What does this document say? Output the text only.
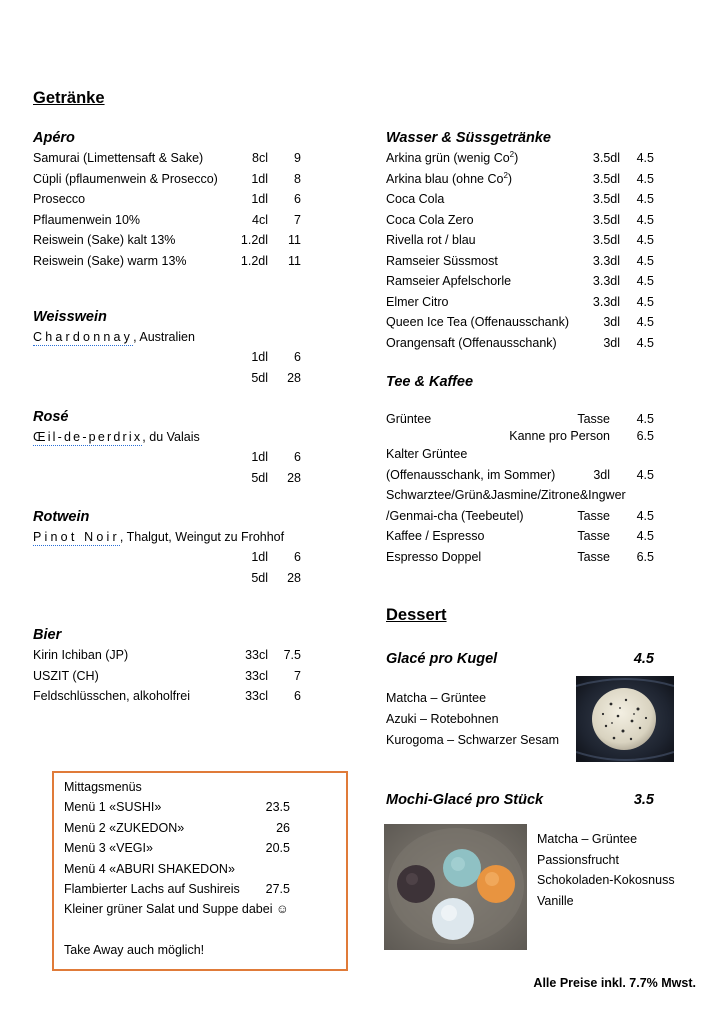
Getränke
Apéro
Weisswein
Chardonnay, Australien
1dl	6
5dl	28
Rosé
Œil-de-perdrix, du Valais
1dl	6
5dl	28
Rotwein
Pinot Noir, Thalgut, Weingut zu Frohhof
1dl	6
5dl	28
Bier
Mittagsmenüs
Kleiner grüner Salat und Suppe dabei ☺
Take Away auch möglich!
Wasser & Süssgetränke
Tee & Kaffee
Grüntee	Tasse	4.5
Kanne pro Person	6.5
Kalter Grüntee
(Offenausschank, im Sommer)	3dl	4.5
Schwarztee/Grün&Jasmine/Zitrone&Ingwer
/Genmai-cha (Teebeutel)	Tasse	4.5
Kaffee / Espresso	Tasse	4.5
Espresso Doppel	Tasse	6.5
Dessert
Glacé pro Kugel	4.5
Matcha – Grüntee
Azuki – Rotebohnen
Kurogoma – Schwarzer Sesam
Mochi-Glacé pro Stück	3.5
Matcha – Grüntee
Passionsfrucht
Schokoladen-Kokosnuss
Vanille
Alle Preise inkl. 7.7% Mwst.
Samurai (Limettensaft & Sake)	8cl	9
Cüpli (pflaumenwein & Prosecco)	1dl	8
Prosecco	1dl	6
Pflaumenwein 10%	4cl	7
Reiswein (Sake) kalt 13%	1.2dl	11
Reiswein (Sake) warm 13%	1.2dl	11
Kirin Ichiban (JP)	33cl	7.5
USZIT (CH)	33cl	7
Feldschlüsschen, alkoholfrei	33cl	6
Menü 1 «SUSHI»	23.5
Menü 2 «ZUKEDON»	26
Menü 3 «VEGI»	20.5
Menü 4 «ABURI SHAKEDON»
Flambierter Lachs auf Sushireis	27.5
Arkina grün (wenig Co$^2$)	3.5dl	4.5
Arkina blau (ohne Co$^2$)	3.5dl	4.5
Coca Cola	3.5dl	4.5
Coca Cola Zero	3.5dl	4.5
Rivella rot / blau	3.5dl	4.5
Ramseier Süssmost	3.3dl	4.5
Ramseier Apfelschorle	3.3dl	4.5
Elmer Citro	3.3dl	4.5
Queen Ice Tea (Offenausschank)	3dl	4.5
Orangensaft (Offenausschank)	3dl	4.5
